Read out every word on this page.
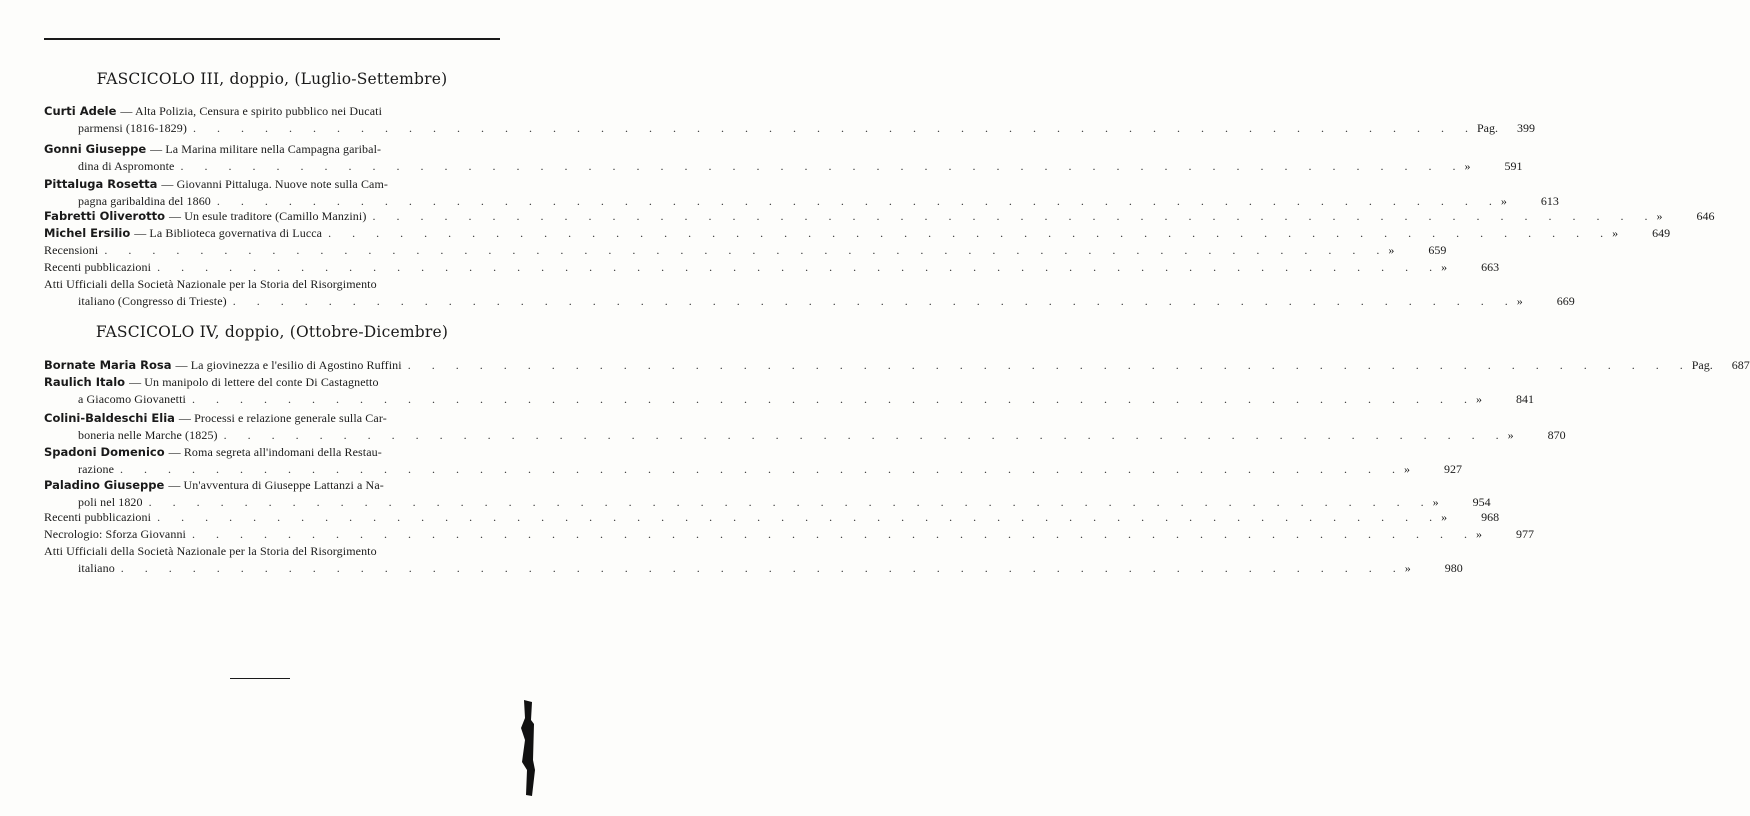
FASCICOLO III, doppio, (Luglio-Settembre)
Curti Adele — Alta Polizia, Censura e spirito pubblico nei Ducati
parmensi (1816-1829) . . .	Pag. 399
Gonni Giuseppe — La Marina militare nella Campagna garibal-
dina di Aspromonte . . .	»	591
Pittaluga Rosetta — Giovanni Pittaluga. Nuove note sulla Cam-
pagna garibaldina del 1860 . . .	»	613
Fabretti Oliverotto — Un esule traditore (Camillo Manzini) . . .	»	646
Michel Ersilio — La Biblioteca governativa di Lucca . . .	»	649
Recensioni . . .	»	659
Recenti pubblicazioni . . .	»	663
Atti Ufficiali della Società Nazionale per la Storia del Risorgimento
italiano (Congresso di Trieste) . . .	»	669
FASCICOLO IV, doppio, (Ottobre-Dicembre)
Bornate Maria Rosa — La giovinezza e l'esilio di Agostino Ruffini . . .	Pag. 687
Raulich Italo — Un manipolo di lettere del conte Di Castagnetto
a Giacomo Giovanetti . . .	»	841
Colini-Baldeschi Elia — Processi e relazione generale sulla Car-
boneria nelle Marche (1825) . . .	»	870
Spadoni Domenico — Roma segreta all'indomani della Restau-
razione . . .	»	927
Paladino Giuseppe — Un'avventura di Giuseppe Lattanzi a Na-
poli nel 1820 . . .	»	954
Recenti pubblicazioni . . .	»	968
Necrologio: Sforza Giovanni . . .	»	977
Atti Ufficiali della Società Nazionale per la Storia del Risorgimento
italiano . . .	»	980
